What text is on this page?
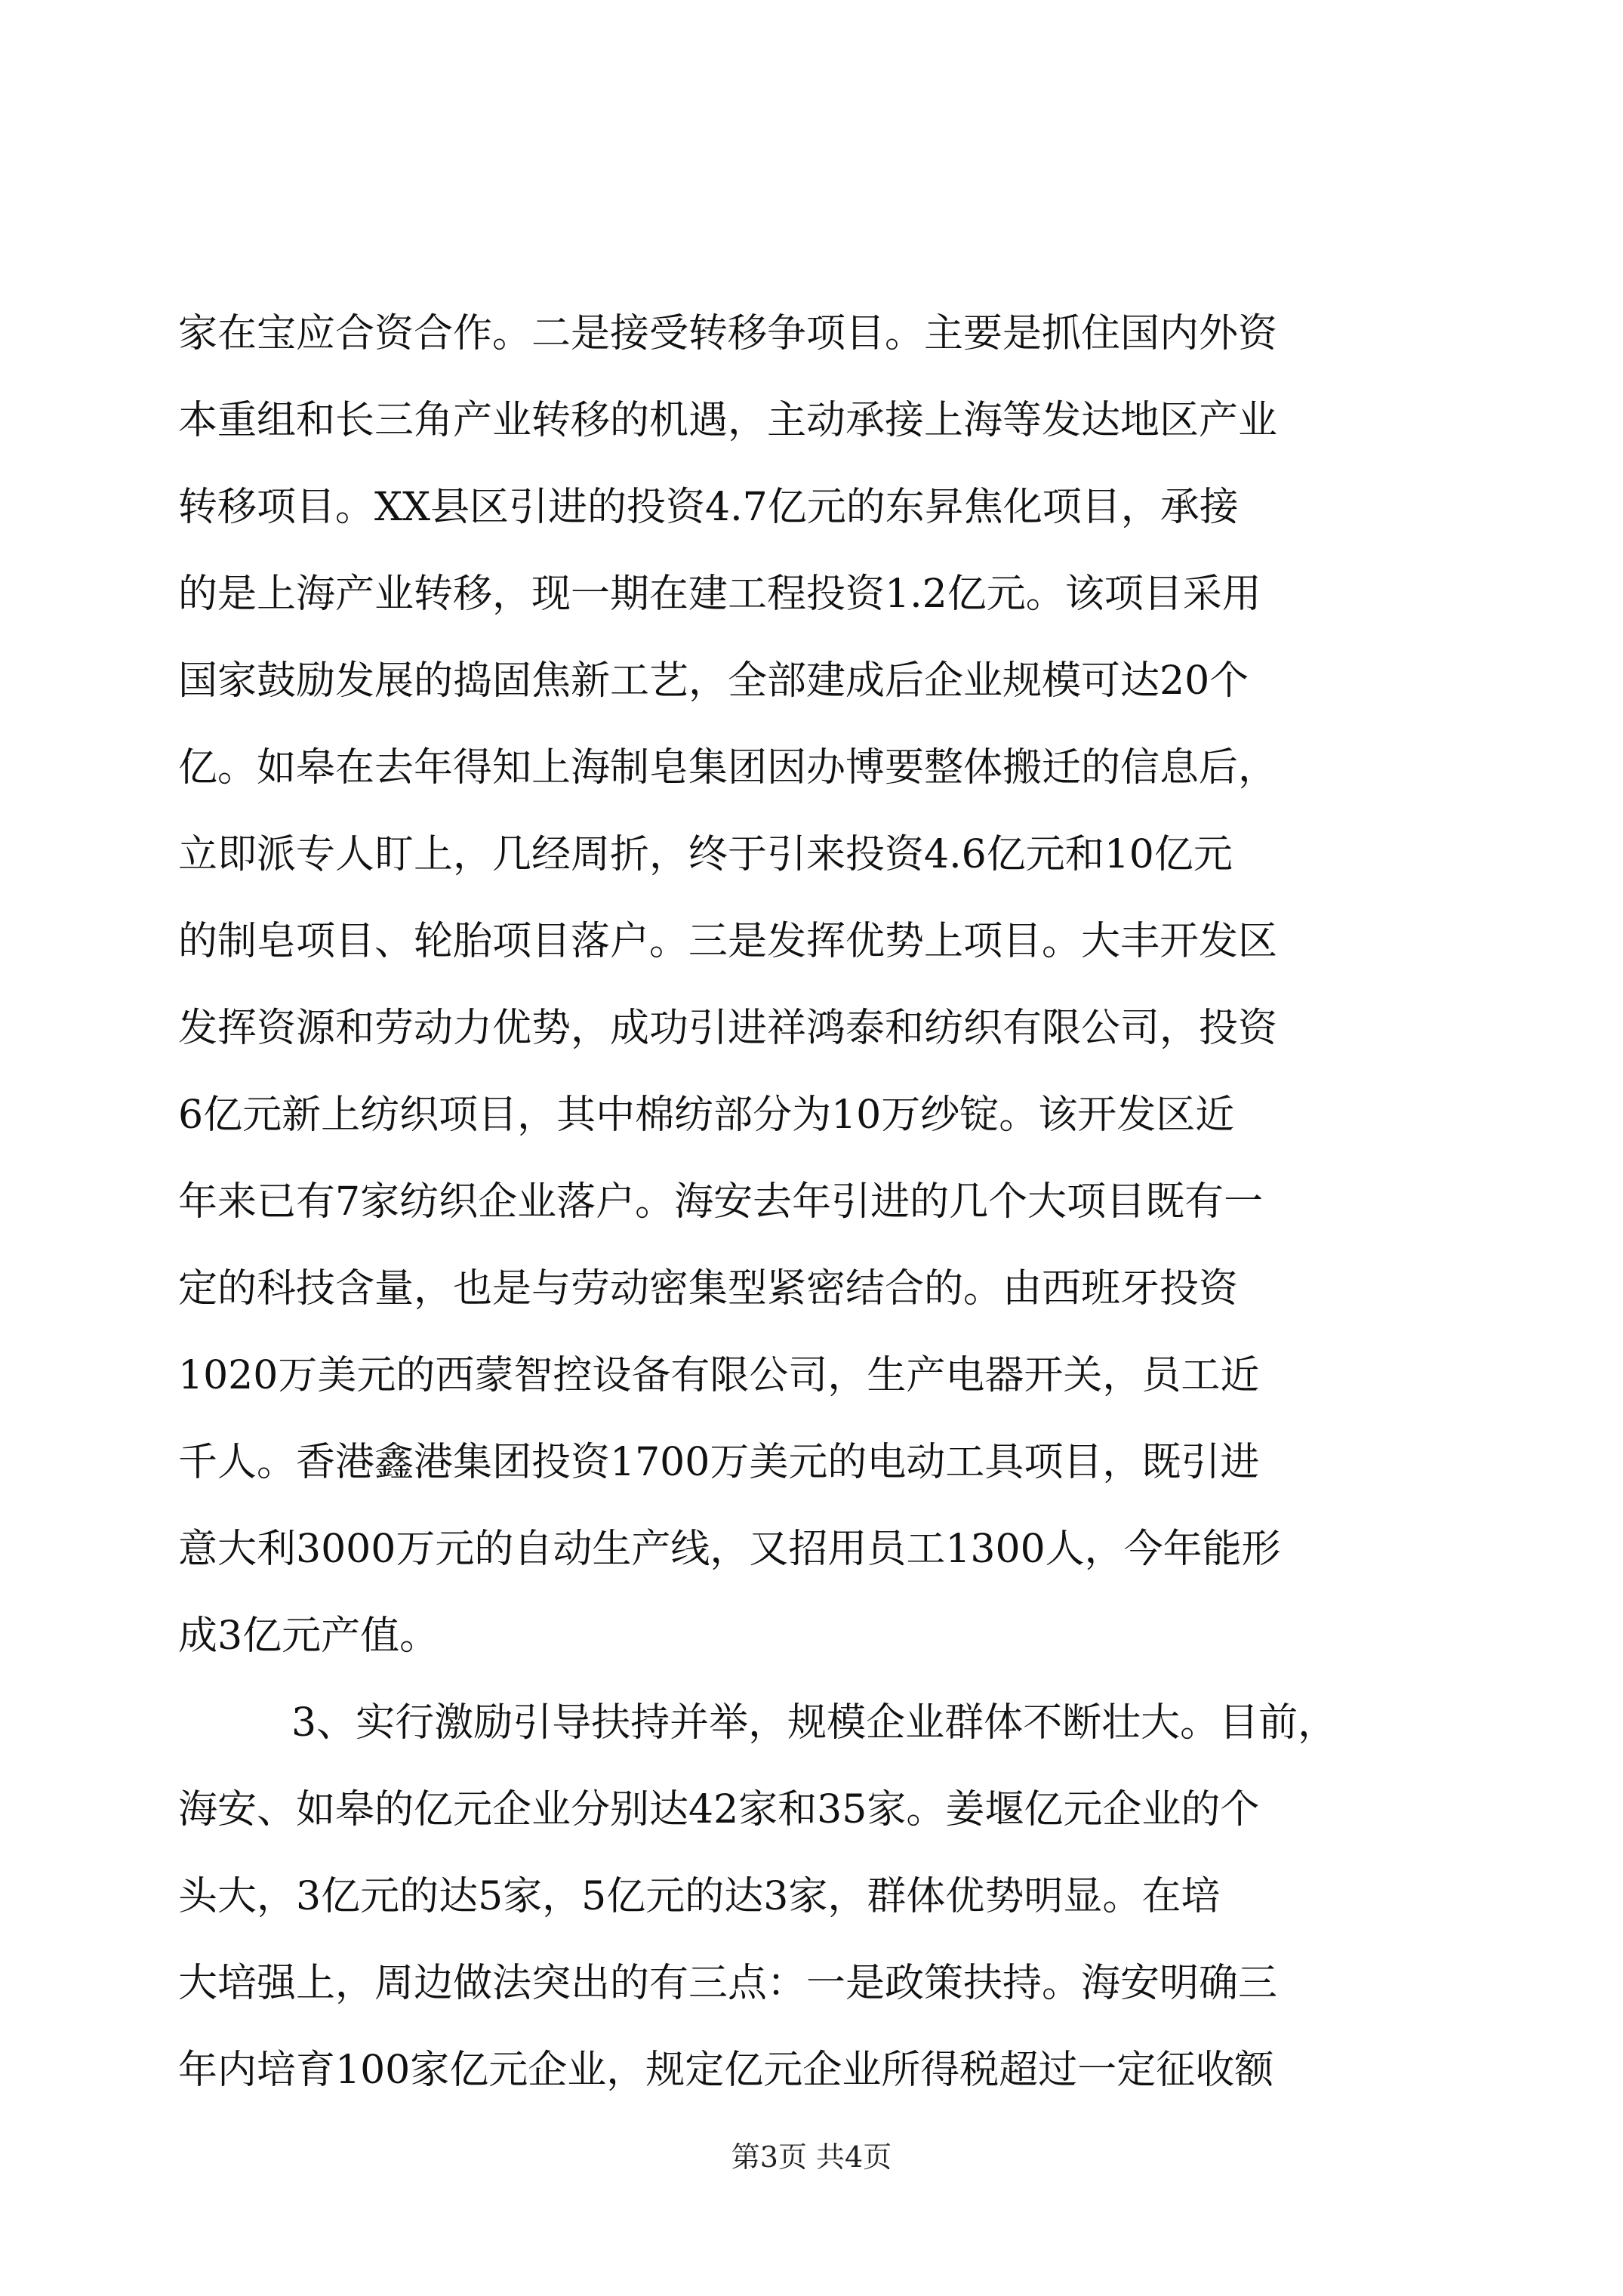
家在宝应合资合作。二是接受转移争项目。主要是抓住国内外资
本重组和长三角产业转移的机遇，主动承接上海等发达地区产业
转移项目。XX县区引进的投资4.7亿元的东昇焦化项目，承接
的是上海产业转移，现一期在建工程投资1.2亿元。该项目采用
国家鼓励发展的捣固焦新工艺，全部建成后企业规模可达20个
亿。如皋在去年得知上海制皂集团因办博要整体搬迁的信息后，
立即派专人盯上，几经周折，终于引来投资4.6亿元和10亿元
的制皂项目、轮胎项目落户。三是发挥优势上项目。大丰开发区
发挥资源和劳动力优势，成功引进祥鸿泰和纺织有限公司，投资
6亿元新上纺织项目，其中棉纺部分为10万纱锭。该开发区近
年来已有7家纺织企业落户。海安去年引进的几个大项目既有一
定的科技含量，也是与劳动密集型紧密结合的。由西班牙投资
1020万美元的西蒙智控设备有限公司，生产电器开关，员工近
千人。香港鑫港集团投资1700万美元的电动工具项目，既引进
意大利3000万元的自动生产线，又招用员工1300人，今年能形
成3亿元产值。
3、实行激励引导扶持并举，规模企业群体不断壮大。目前，
海安、如皋的亿元企业分别达42家和35家。姜堰亿元企业的个
头大，3亿元的达5家，5亿元的达3家，群体优势明显。在培
大培强上，周边做法突出的有三点：一是政策扶持。海安明确三
年内培育100家亿元企业，规定亿元企业所得税超过一定征收额
第3页 共4页
